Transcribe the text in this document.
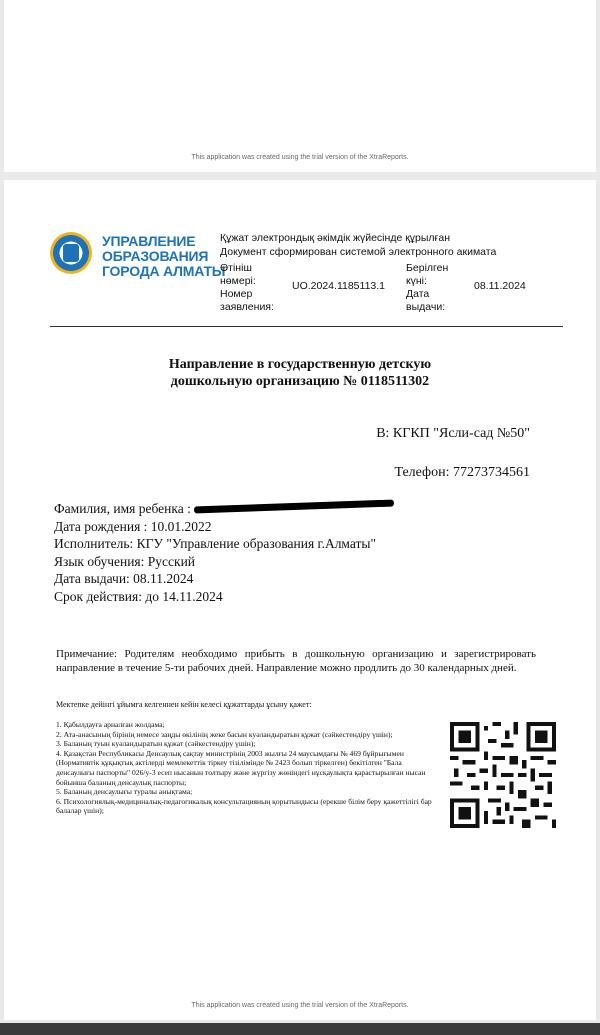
This application was created using the trial version of the XtraReports.
УПРАВЛЕНИЕ
ОБРАЗОВАНИЯ
ГОРОДА АЛМАТЫ
Құжат электрондық әкімдік жүйесінде құрылған
Документ сформирован системой электронного акимата
Өтініш
нөмері:
Номер
заявления:
UO.2024.1185113.1
Берілген
күні:
Дата
выдачи:
08.11.2024
Направление в государственную детскую
дошкольную организацию № 0118511302
В: КГКП "Ясли-сад №50"
Телефон: 77273734561
Фамилия, имя ребенка :
Дата рождения : 10.01.2022
Исполнитель: КГУ "Управление образования г.Алматы"
Язык обучения: Русский
Дата выдачи: 08.11.2024
Срок действия: до 14.11.2024
Примечание: Родителям необходимо прибыть в дошкольную организацию и зарегистрировать направление в течение 5-ти рабочих дней. Направление можно продлить до 30 календарных дней.
Мектепке дейінгі ұйымға келгеннен кейін келесі құжаттарды ұсыну қажет:
1. Қабылдауға арналған жолдама;
2. Ата-анасының бірінің немесе заңды өкілінің жеке басын куәландыратын құжат (сәйкестендіру үшін);
3. Баланың туын куәландыратын құжат (сәйкестендіру үшін);
4. Қазақстан Республикасы Денсаулық сақтау министрінің 2003 жылғы 24 маусымдағы № 469 бұйрығымен (Нормативтік құқықтық актілерді мемлекеттік тіркеу тізілімінде № 2423 болып тіркелген) бекітілген "Бала денсаулығы паспорты" 026/у-3 есеп нысанын толтыру және жүргізу жөніндегі нұсқаулықта қарастырылған нысан бойынша баланың денсаулық паспорты;
5. Баланың денсаулығы туралы анықтама;
6. Психологиялық-медициналық-педагогикалық консультацияның қорытындысы (ерекше білім беру қажеттілігі бар балалар үшін);
This application was created using the trial version of the XtraReports.
